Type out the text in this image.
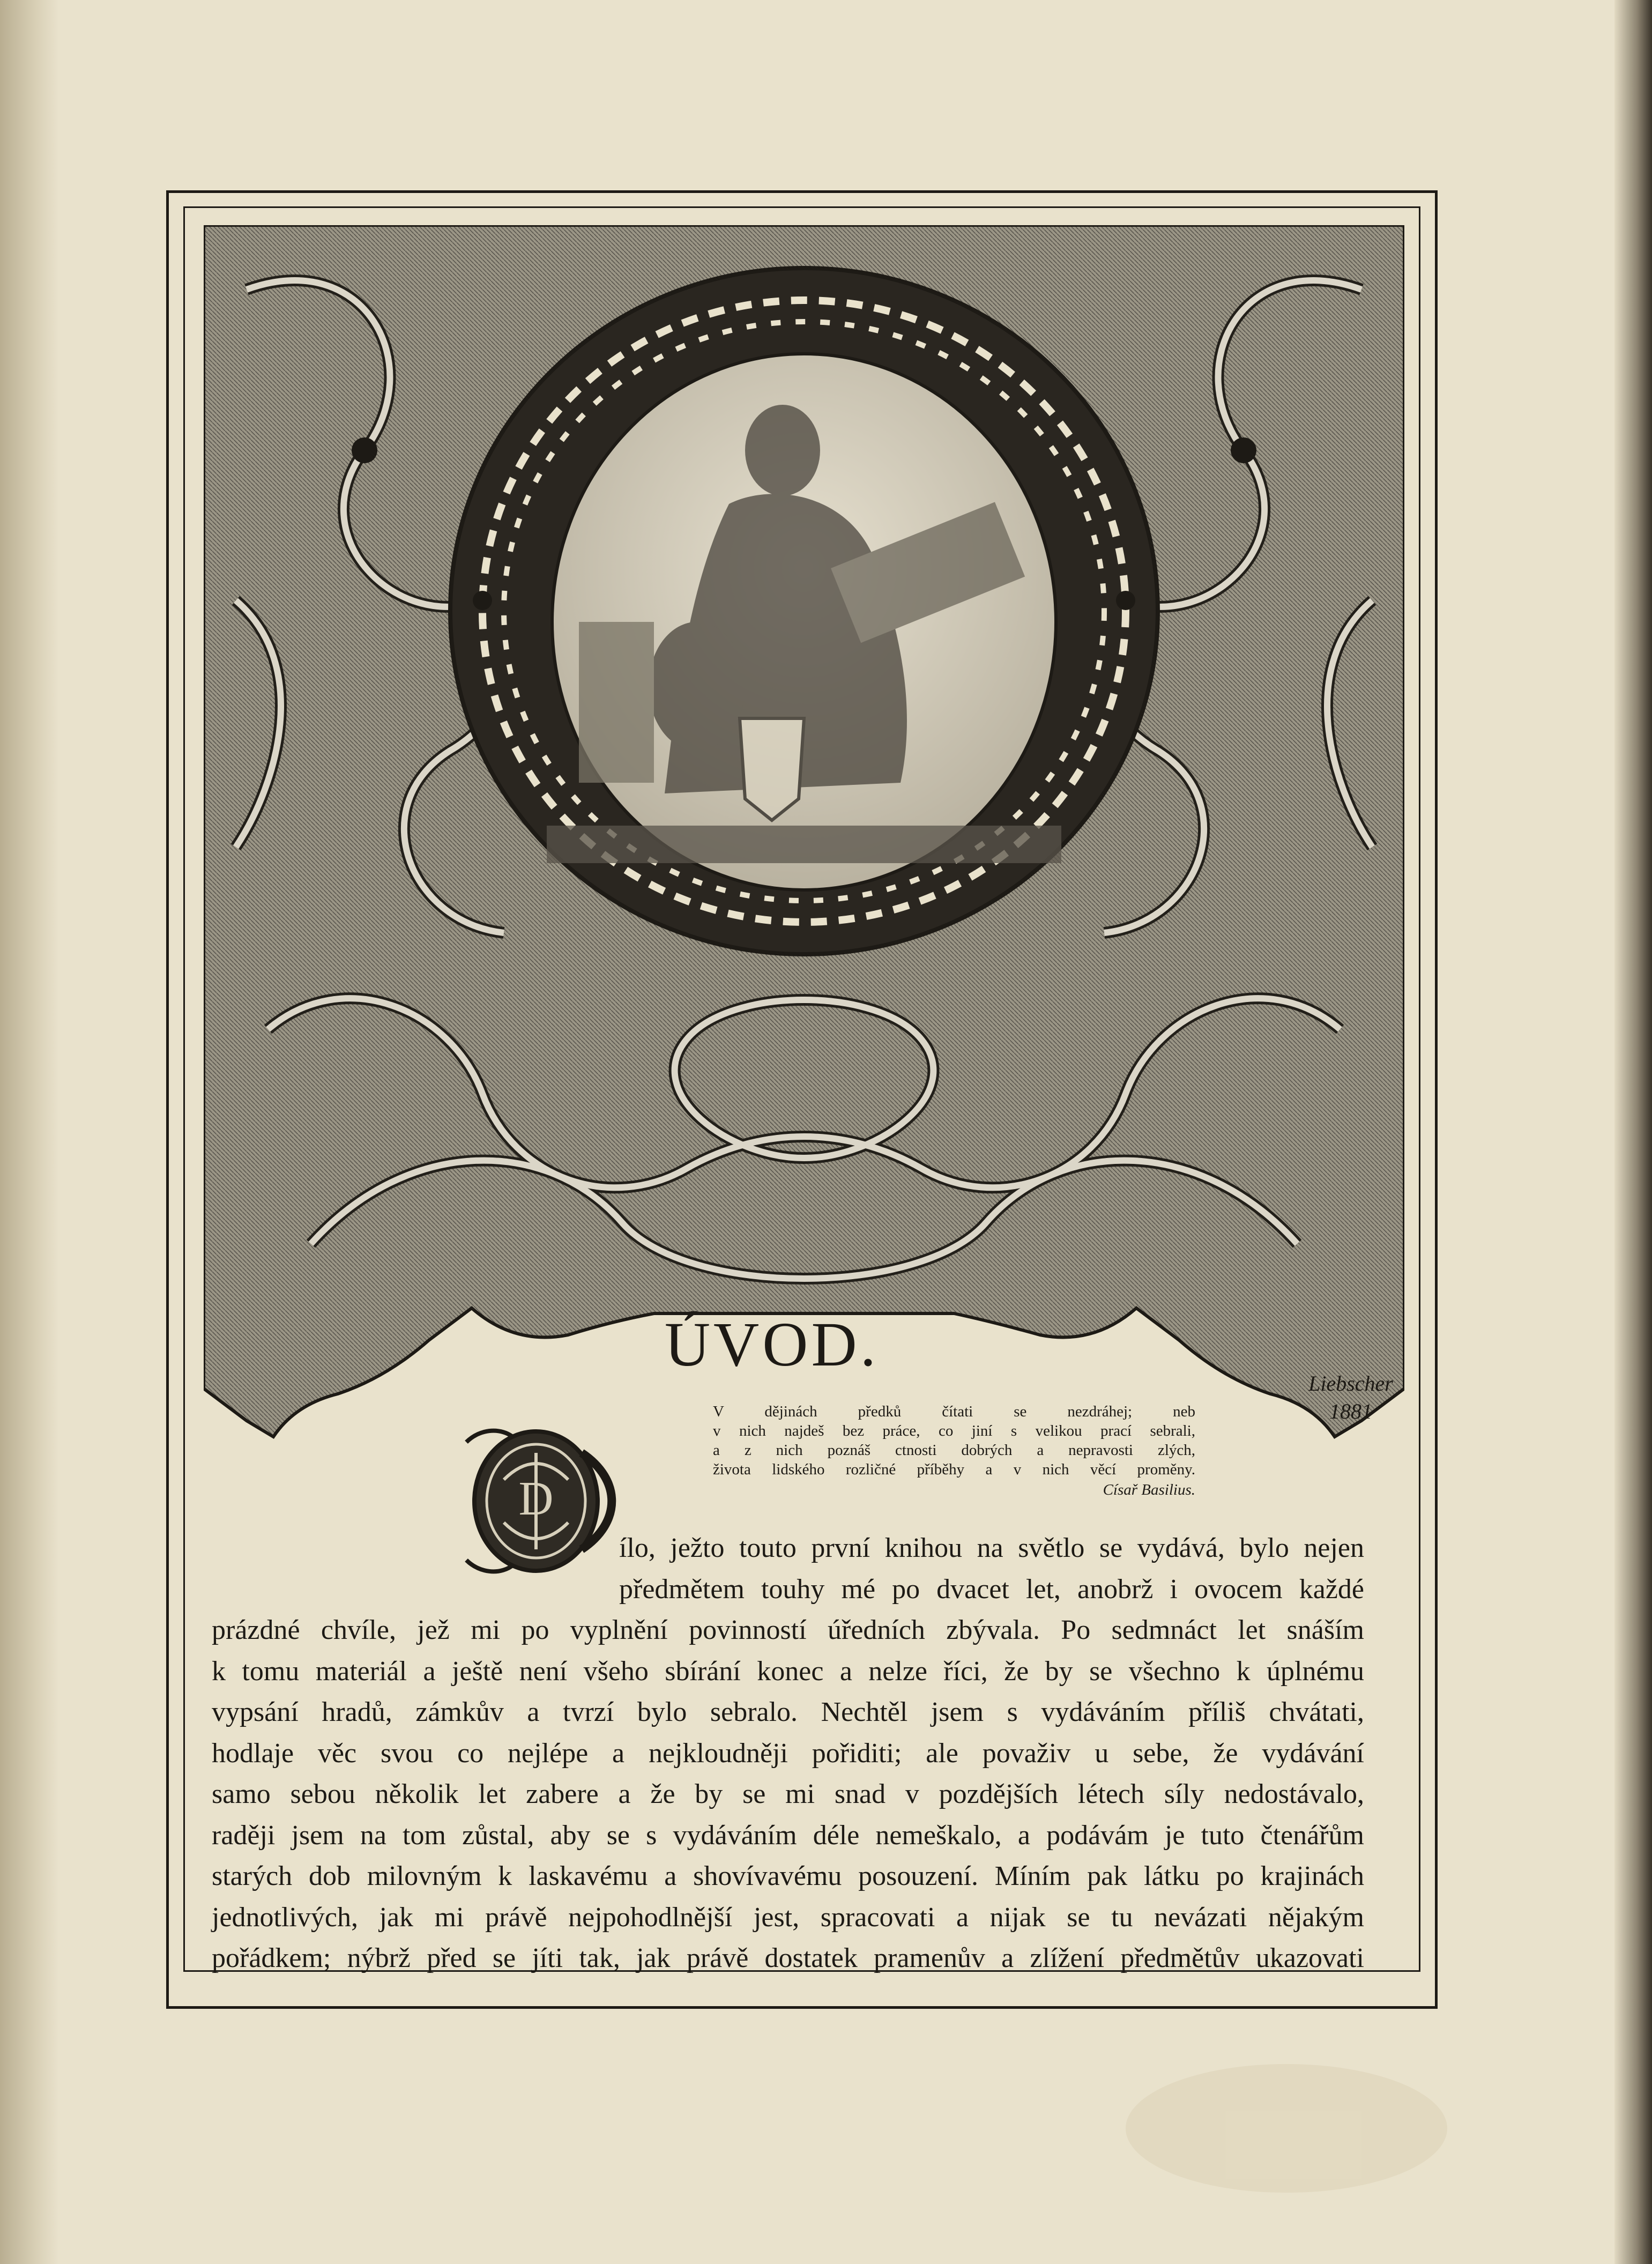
ÚVOD.
Liebscher
1881

V dějinách předků čítati se nezdráhej; neb
v nich najdeš bez práce, co jiní s velikou prací sebrali,
a z nich poznáš ctnosti dobrých a nepravosti zlých,
života lidského rozličné příběhy a v nich věcí proměny.

Císař Basilius.

D
ílo, ježto touto první knihou na světlo se vydává, bylo nejen
předmětem touhy mé po dvacet let, anobrž i ovocem každé
prázdné chvíle, jež mi po vyplnění povinností úředních zbývala. Po sedmnáct let snáším
k tomu materiál a ještě není všeho sbírání konec a nelze říci, že by se všechno k úplnému
vypsání hradů, zámkův a tvrzí bylo sebralo. Nechtěl jsem s vydáváním příliš chvátati,
hodlaje věc svou co nejlépe a nejkloudněji pořiditi; ale považiv u sebe, že vydávání
samo sebou několik let zabere a že by se mi snad v pozdějších létech síly nedostávalo,
raději jsem na tom zůstal, aby se s vydáváním déle nemeškalo, a podávám je tuto čtenářům
starých dob milovným k laskavému a shovívavému posouzení. Míním pak látku po krajinách
jednotlivých, jak mi právě nejpohodlnější jest, spracovati a nijak se tu nevázati nějakým
pořádkem; nýbrž před se jíti tak, jak právě dostatek pramenův a zlížení předmětův ukazovati
